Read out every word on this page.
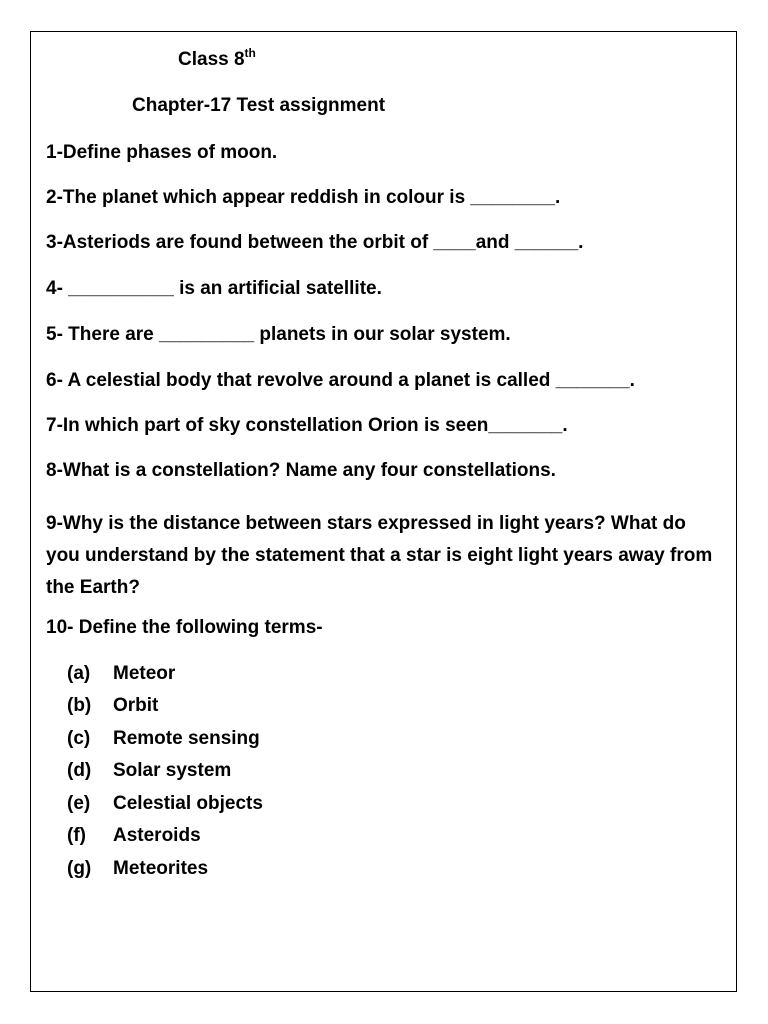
Class 8th

Chapter-17 Test assignment

1-Define phases of moon.

2-The planet which appear reddish in colour is ________.

3-Asteriods are found between the orbit of ____and ______.

4- __________ is an artificial satellite.

5- There are _________ planets in our solar system.

6- A celestial body that revolve around a planet is called _______.

7-In which part of sky constellation Orion is seen_______.

8-What is a constellation? Name any four constellations.

9-Why is the distance between stars expressed in light years? What do you understand by the statement that a star is eight light years away from the Earth?

10- Define the following terms-

(a) Meteor
(b) Orbit
(c) Remote sensing
(d) Solar system
(e) Celestial objects
(f) Asteroids
(g) Meteorites
